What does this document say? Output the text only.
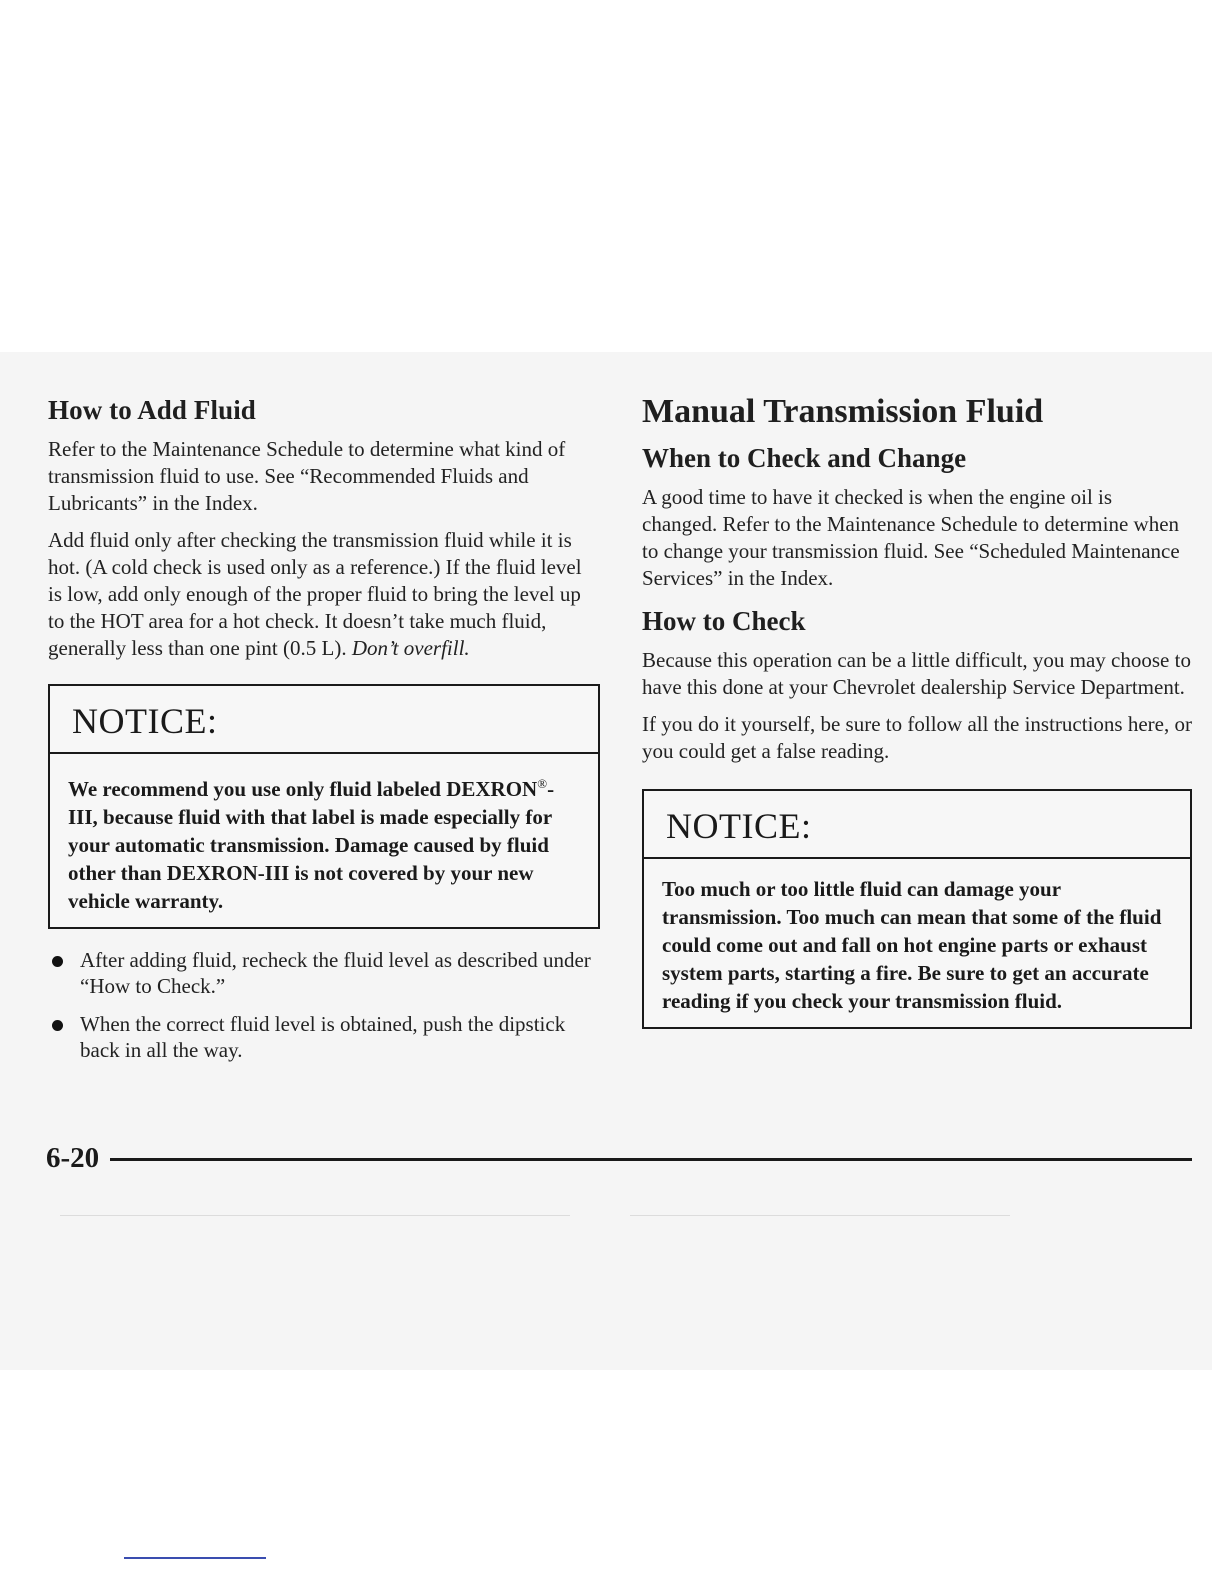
How to Add Fluid

Refer to the Maintenance Schedule to determine what kind of transmission fluid to use. See “Recommended Fluids and Lubricants” in the Index.

Add fluid only after checking the transmission fluid while it is hot. (A cold check is used only as a reference.) If the fluid level is low, add only enough of the proper fluid to bring the level up to the HOT area for a hot check. It doesn’t take much fluid, generally less than one pint (0.5 L). Don’t overfill.

NOTICE:
We recommend you use only fluid labeled DEXRON®-III, because fluid with that label is made especially for your automatic transmission. Damage caused by fluid other than DEXRON-III is not covered by your new vehicle warranty.
After adding fluid, recheck the fluid level as described under “How to Check.”
When the correct fluid level is obtained, push the dipstick back in all the way.
Manual Transmission Fluid
When to Check and Change

A good time to have it checked is when the engine oil is changed. Refer to the Maintenance Schedule to determine when to change your transmission fluid. See “Scheduled Maintenance Services” in the Index.

How to Check

Because this operation can be a little difficult, you may choose to have this done at your Chevrolet dealership Service Department.

If you do it yourself, be sure to follow all the instructions here, or you could get a false reading.

NOTICE:
Too much or too little fluid can damage your transmission. Too much can mean that some of the fluid could come out and fall on hot engine parts or exhaust system parts, starting a fire. Be sure to get an accurate reading if you check your transmission fluid.
6-20
